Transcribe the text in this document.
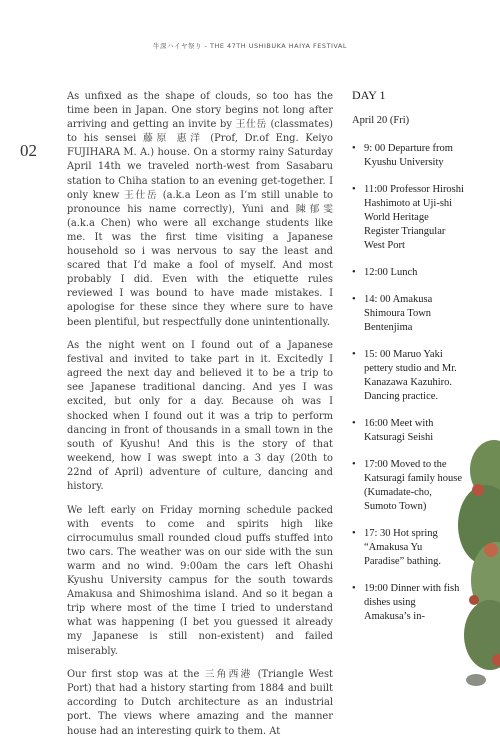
牛深ハイヤ祭り - THE 47TH USHIBUKA HAIYA FESTIVAL
02

As unfixed as the shape of clouds, so too has the time been in Japan. One story begins not long after arriving and getting an invite by 王仕岳 (classmates) to his sensei 藤原 惠洋 (Prof, Dr.of Eng. Keiyo FUJIHARA M. A.) house. On a stormy rainy Saturday April 14th we traveled north-west from Sasabaru station to Chiha station to an evening get-together. I only knew 王仕岳 (a.k.a Leon as I’m still unable to pronounce his name correctly), Yuni and 陳郁雯 (a.k.a Chen) who were all exchange students like me. It was the first time visiting a Japanese household so i was nervous to say the least and scared that I’d make a fool of myself. And most probably I did. Even with the etiquette rules reviewed I was bound to have made mistakes. I apologise for these since they where sure to have been plentiful, but respectfully done unintentionally.

As the night went on I found out of a Japanese festival and invited to take part in it. Excitedly I agreed the next day and believed it to be a trip to see Japanese traditional dancing. And yes I was excited, but only for a day. Because oh was I shocked when I found out it was a trip to perform dancing in front of thousands in a small town in the south of Kyushu! And this is the story of that weekend, how I was swept into a 3 day (20th to 22nd of April) adventure of culture, dancing and history.

We left early on Friday morning schedule packed with events to come and spirits high like cirrocumulus small rounded cloud puffs stuffed into two cars. The weather was on our side with the sun warm and no wind. 9:00am the cars left Ohashi Kyushu University campus for the south towards Amakusa and Shimoshima island. And so it began a trip where most of the time I tried to understand what was happening (I bet you guessed it already my Japanese is still non-existent) and failed miserably.

Our first stop was at the 三角西港 (Triangle West Port) that had a history starting from 1884 and built according to Dutch architecture as an industrial port. The views where amazing and the manner house had an interesting quirk to them. At

DAY 1
April 20 (Fri)
• 9: 00 Departure from Kyushu University
• 11:00 Professor Hiroshi Hashimoto at Uji-shi World Heritage Register Triangular West Port
• 12:00 Lunch
• 14: 00 Amakusa Shimoura Town Bentenjima
• 15: 00 Maruo Yaki pettery studio and Mr. Kanazawa Kazuhiro. Dancing practice.
• 16:00 Meet with Katsuragi Seishi
• 17:00 Moved to the Katsuragi family house (Kumadate-cho, Sumoto Town)
• 17: 30 Hot spring “Amakusa Yu Paradise” bathing.
• 19:00 Dinner with fish dishes using Amakusa’s in-
